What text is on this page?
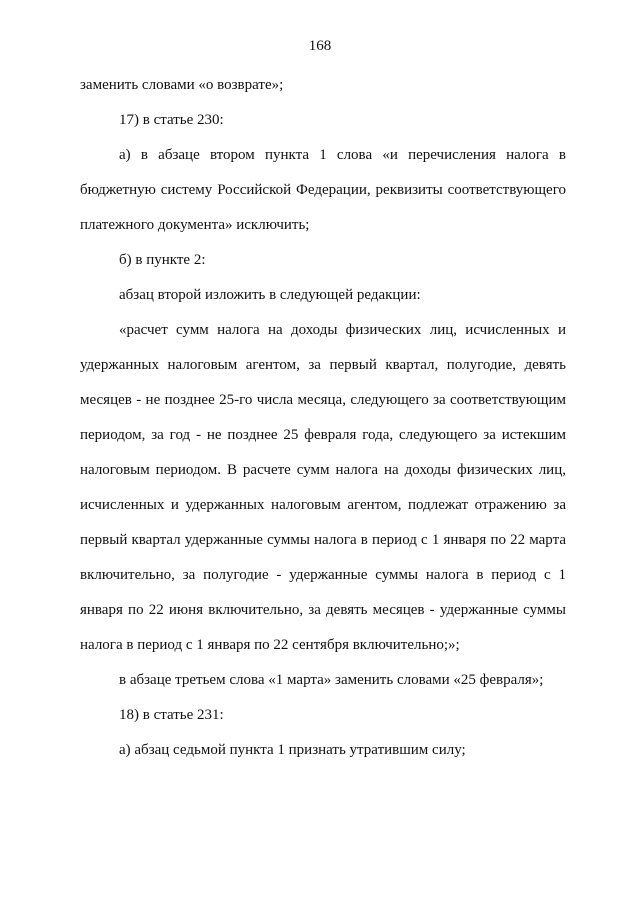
168

заменить словами «о возврате»;

17) в статье 230:

а) в абзаце втором пункта 1 слова «и перечисления налога в бюджетную систему Российской Федерации, реквизиты соответствующего платежного документа» исключить;

б) в пункте 2:

абзац второй изложить в следующей редакции:

«расчет сумм налога на доходы физических лиц, исчисленных и удержанных налоговым агентом, за первый квартал, полугодие, девять месяцев - не позднее 25-го числа месяца, следующего за соответствующим периодом, за год - не позднее 25 февраля года, следующего за истекшим налоговым периодом. В расчете сумм налога на доходы физических лиц, исчисленных и удержанных налоговым агентом, подлежат отражению за первый квартал удержанные суммы налога в период с 1 января по 22 марта включительно, за полугодие - удержанные суммы налога в период с 1 января по 22 июня включительно, за девять месяцев - удержанные суммы налога в период с 1 января по 22 сентября включительно;»;

в абзаце третьем слова «1 марта» заменить словами «25 февраля»;

18) в статье 231:

а) абзац седьмой пункта 1 признать утратившим силу;
